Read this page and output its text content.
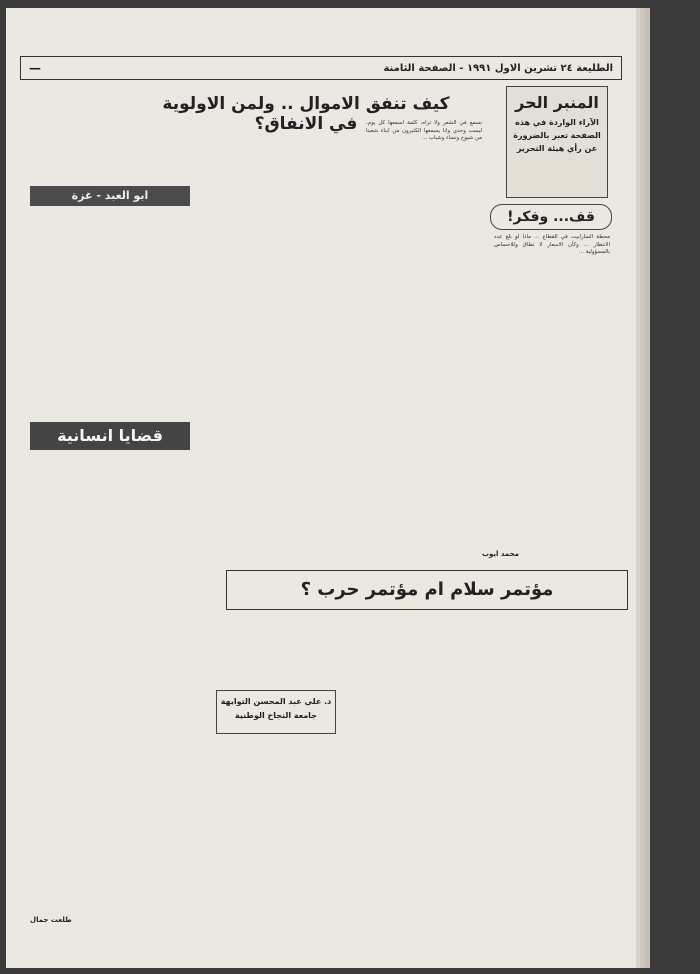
الطليعة ٢٤ تشرين الاول ١٩٩١ - الصفحة الثامنة
—
المنبر الحر
الآراء الواردة في هذه الصفحة تعبر بالضرورة عن رأي هيئة التحرير
قف... وفكر!

محطة السارابيت في القطاع ... ماذا لو بلغ عدد الانتظار ... وكأن الاسعار لا تطاق وللاحساس بالمسؤولية ...

محمد ايوب
كيف تنفق الاموال .. ولمن الاولوية في الانفاق؟	تسمع في الشعر ولا تراه، كلمة اسمعها كل يوم، ليست وحدي وانا يسمعها الكثيرون من ابناء شعبنا من شيوخ ونساء وشباب ...

ابو العبد - غزة
قضايا انسانية
مؤتمر سلام ام مؤتمر حرب ؟
د. علي عبد المحسن التوايهة
جامعة النجاح الوطنية
طلعت جمال
